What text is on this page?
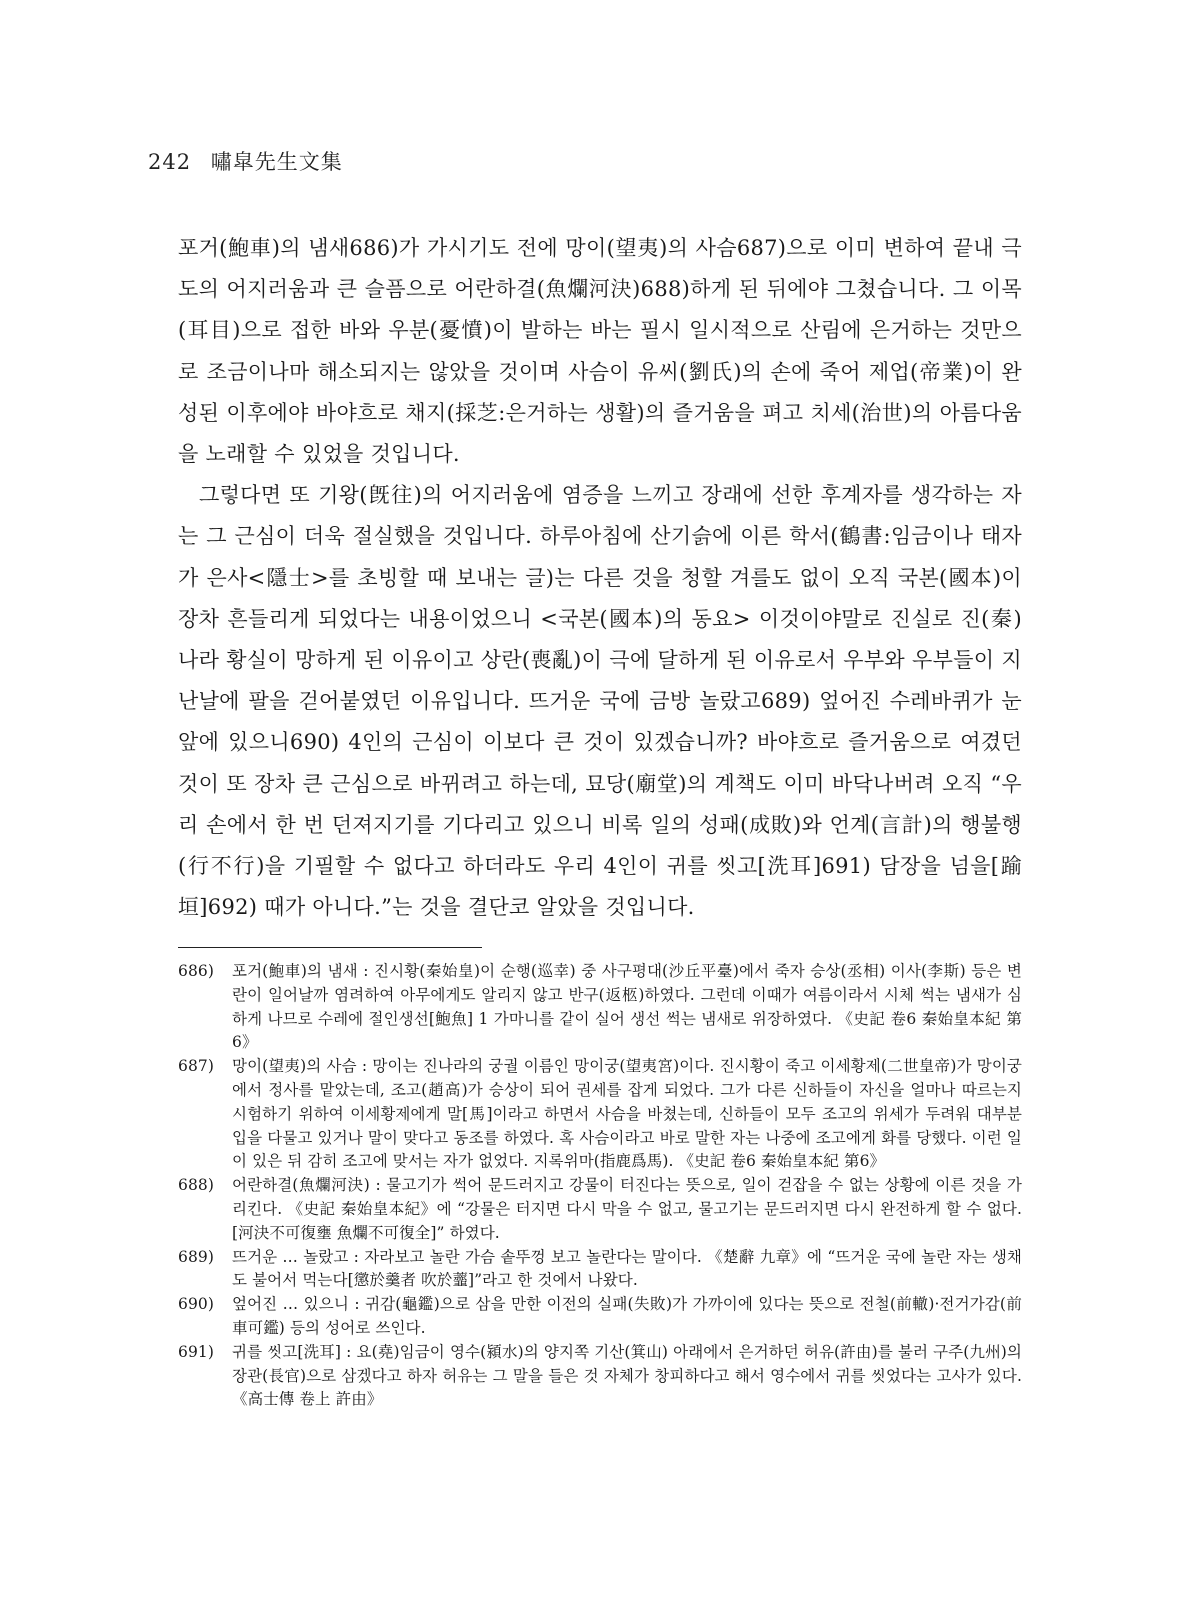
242 嘯皐先生文集

포거(鮑車)의 냄새686)가 가시기도 전에 망이(望夷)의 사슴687)으로 이미 변하여 끝내 극도의 어지러움과 큰 슬픔으로 어란하결(魚爛河決)688)하게 된 뒤에야 그쳤습니다. 그 이목(耳目)으로 접한 바와 우분(憂憤)이 발하는 바는 필시 일시적으로 산림에 은거하는 것만으로 조금이나마 해소되지는 않았을 것이며 사슴이 유씨(劉氏)의 손에 죽어 제업(帝業)이 완성된 이후에야 바야흐로 채지(採芝:은거하는 생활)의 즐거움을 펴고 치세(治世)의 아름다움을 노래할 수 있었을 것입니다.

그렇다면 또 기왕(旣往)의 어지러움에 염증을 느끼고 장래에 선한 후계자를 생각하는 자는 그 근심이 더욱 절실했을 것입니다. 하루아침에 산기슭에 이른 학서(鶴書:임금이나 태자가 은사<隱士>를 초빙할 때 보내는 글)는 다른 것을 청할 겨를도 없이 오직 국본(國本)이 장차 흔들리게 되었다는 내용이었으니 <국본(國本)의 동요> 이것이야말로 진실로 진(秦)나라 황실이 망하게 된 이유이고 상란(喪亂)이 극에 달하게 된 이유로서 우부와 우부들이 지난날에 팔을 걷어붙였던 이유입니다. 뜨거운 국에 금방 놀랐고689) 엎어진 수레바퀴가 눈앞에 있으니690) 4인의 근심이 이보다 큰 것이 있겠습니까? 바야흐로 즐거움으로 여겼던 것이 또 장차 큰 근심으로 바뀌려고 하는데, 묘당(廟堂)의 계책도 이미 바닥나버려 오직 “우리 손에서 한 번 던져지기를 기다리고 있으니 비록 일의 성패(成敗)와 언계(言計)의 행불행(行不行)을 기필할 수 없다고 하더라도 우리 4인이 귀를 씻고[洗耳]691) 담장을 넘을[踰垣]692) 때가 아니다.”는 것을 결단코 알았을 것입니다.

686)	포거(鮑車)의 냄새 : 진시황(秦始皇)이 순행(巡幸) 중 사구평대(沙丘平臺)에서 죽자 승상(丞相) 이사(李斯) 등은 변란이 일어날까 염려하여 아무에게도 알리지 않고 반구(返柩)하였다. 그런데 이때가 여름이라서 시체 썩는 냄새가 심하게 나므로 수레에 절인생선[鮑魚] 1 가마니를 같이 실어 생선 썩는 냄새로 위장하였다. 《史記 卷6 秦始皇本紀 第6》
687)	망이(望夷)의 사슴 : 망이는 진나라의 궁궐 이름인 망이궁(望夷宮)이다. 진시황이 죽고 이세황제(二世皇帝)가 망이궁에서 정사를 맡았는데, 조고(趙高)가 승상이 되어 권세를 잡게 되었다. 그가 다른 신하들이 자신을 얼마나 따르는지 시험하기 위하여 이세황제에게 말[馬]이라고 하면서 사슴을 바쳤는데, 신하들이 모두 조고의 위세가 두려워 대부분 입을 다물고 있거나 말이 맞다고 동조를 하였다. 혹 사슴이라고 바로 말한 자는 나중에 조고에게 화를 당했다. 이런 일이 있은 뒤 감히 조고에 맞서는 자가 없었다. 지록위마(指鹿爲馬). 《史記 卷6 秦始皇本紀 第6》
688)	어란하결(魚爛河決) : 물고기가 썩어 문드러지고 강물이 터진다는 뜻으로, 일이 걷잡을 수 없는 상황에 이른 것을 가리킨다. 《史記 秦始皇本紀》에 “강물은 터지면 다시 막을 수 없고, 물고기는 문드러지면 다시 완전하게 할 수 없다.[河決不可復壅 魚爛不可復全]” 하였다.
689)	뜨거운 … 놀랐고 : 자라보고 놀란 가슴 솥뚜껑 보고 놀란다는 말이다. 《楚辭 九章》에 “뜨거운 국에 놀란 자는 생채도 불어서 먹는다[懲於羹者 吹於虀]”라고 한 것에서 나왔다.
690)	엎어진 … 있으니 : 귀감(龜鑑)으로 삼을 만한 이전의 실패(失敗)가 가까이에 있다는 뜻으로 전철(前轍)·전거가감(前車可鑑) 등의 성어로 쓰인다.
691)	귀를 씻고[洗耳] : 요(堯)임금이 영수(潁水)의 양지쪽 기산(箕山) 아래에서 은거하던 허유(許由)를 불러 구주(九州)의 장관(長官)으로 삼겠다고 하자 허유는 그 말을 들은 것 자체가 창피하다고 해서 영수에서 귀를 씻었다는 고사가 있다. 《高士傳 卷上 許由》
